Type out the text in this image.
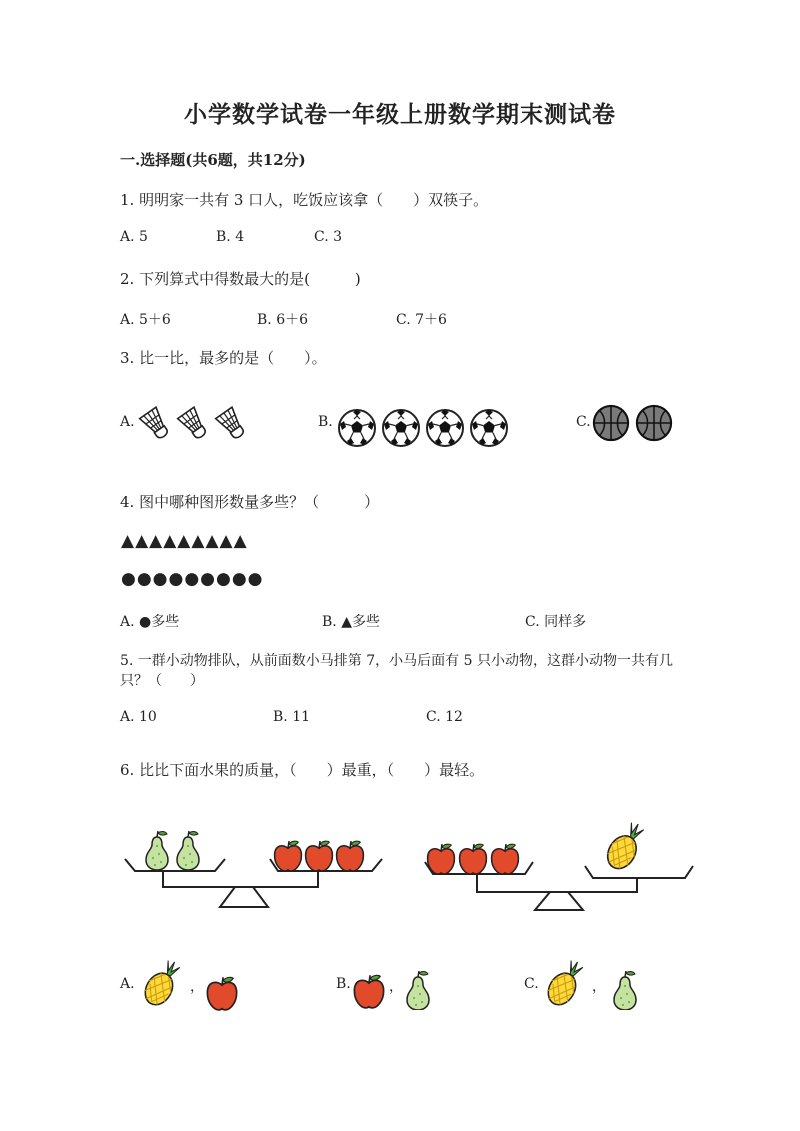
小学数学试卷一年级上册数学期末测试卷
一.选择题(共6题，共12分)
1. 明明家一共有 3 口人，吃饭应该拿（　　）双筷子。
A. 5	B. 4	C. 3
2. 下列算式中得数最大的是(　　　)
A. 5＋6	B. 6＋6	C. 7＋6
3. 比一比，最多的是（　　）。
A.	B.	C.
4. 图中哪种图形数量多些？（　　　）
▲▲▲▲▲▲▲▲▲
●●●●●●●●●
A. ●多些	B. ▲多些	C. 同样多
5. 一群小动物排队，从前面数小马排第 7，小马后面有 5 只小动物，这群小动物一共有几
只？（　　）
A. 10	B. 11	C. 12
6. 比比下面水果的质量，（　　）最重，（　　）最轻。
A.	，	B.	，	C.	，
